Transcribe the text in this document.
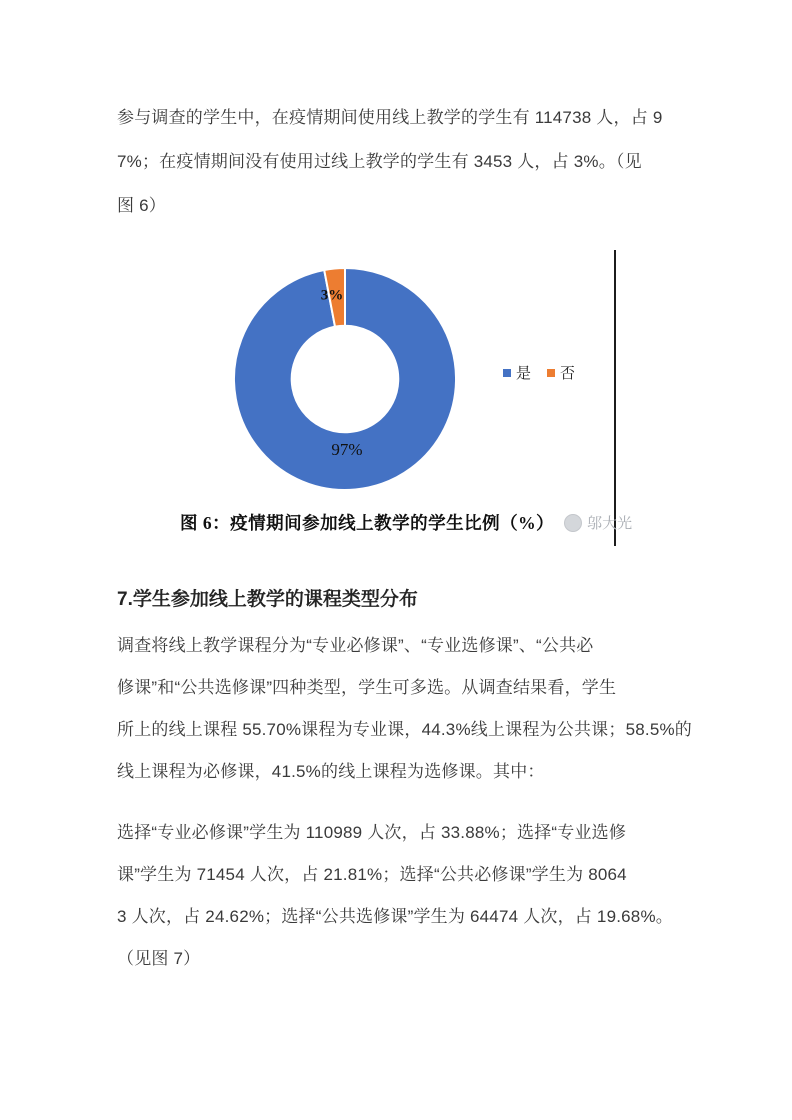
参与调查的学生中，在疫情期间使用线上教学的学生有 114738 人，占 9
7%；在疫情期间没有使用过线上教学的学生有 3453 人，占 3%。（见
图 6）
97%
3%
是 否
图 6：疫情期间参加线上教学的学生比例（%） 邬大光
7.学生参加线上教学的课程类型分布
调查将线上教学课程分为“专业必修课”、“专业选修课”、“公共必
修课”和“公共选修课”四种类型，学生可多选。从调查结果看，学生
所上的线上课程 55.70%课程为专业课，44.3%线上课程为公共课；58.5%的
线上课程为必修课，41.5%的线上课程为选修课。其中：
选择“专业必修课”学生为 110989 人次，占 33.88%；选择“专业选修
课”学生为 71454 人次，占 21.81%；选择“公共必修课”学生为 8064
3 人次，占 24.62%；选择“公共选修课”学生为 64474 人次，占 19.68%。
（见图 7）
